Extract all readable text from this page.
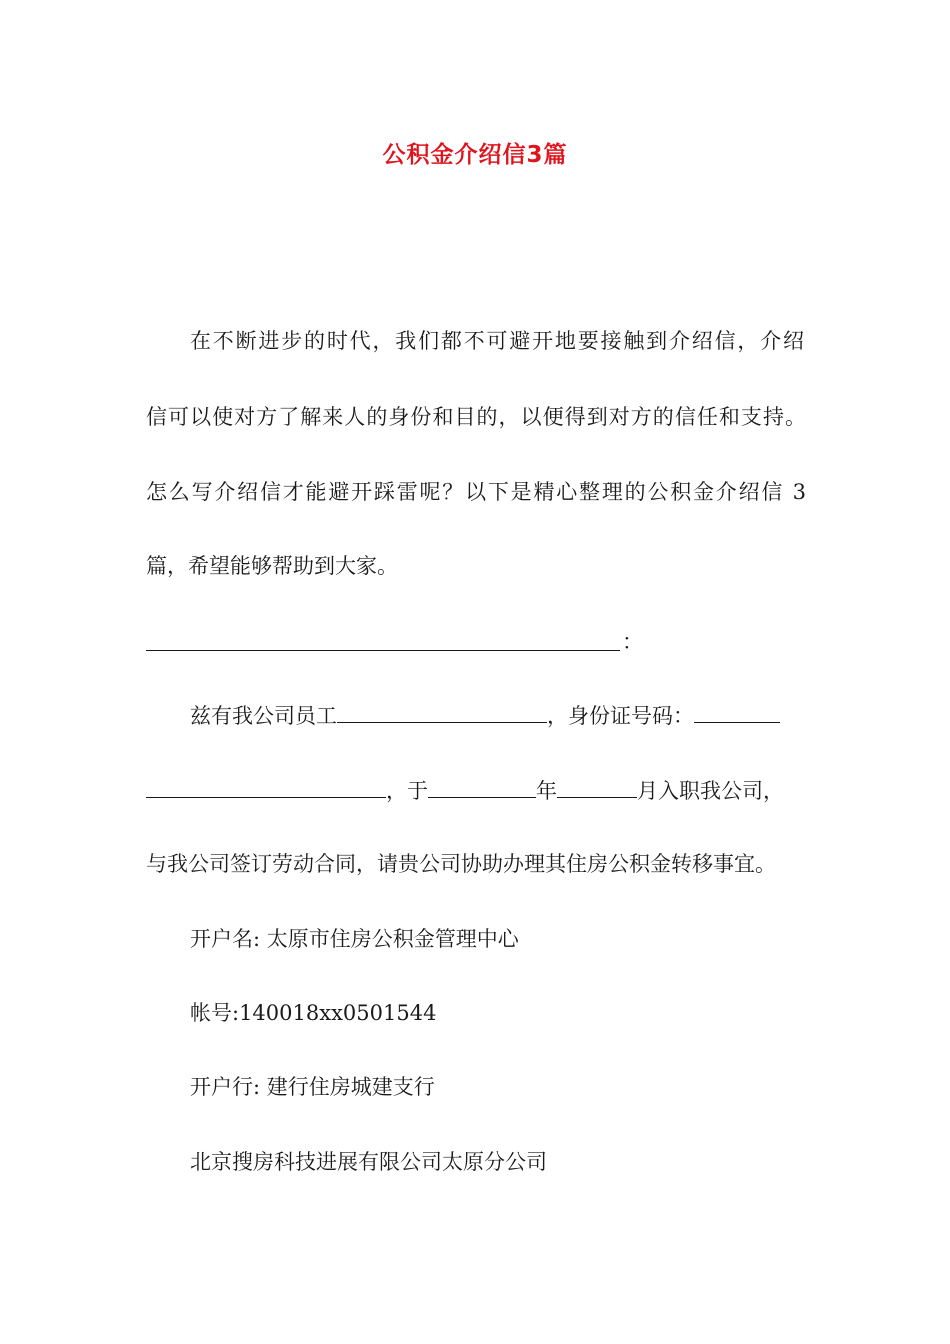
公积金介绍信3篇
在不断进步的时代，我们都不可避开地要接触到介绍信，介绍
信可以使对方了解来人的身份和目的，以便得到对方的信任和支持。
怎么写介绍信才能避开踩雷呢？以下是精心整理的公积金介绍信 3
篇，希望能够帮助到大家。
：
兹有我公司员工	，身份证号码：
，于	年	月入职我公司，
与我公司签订劳动合同，请贵公司协助办理其住房公积金转移事宜。
开户名: 太原市住房公积金管理中心
帐号:140018xx0501544
开户行: 建行住房城建支行
北京搜房科技进展有限公司太原分公司
